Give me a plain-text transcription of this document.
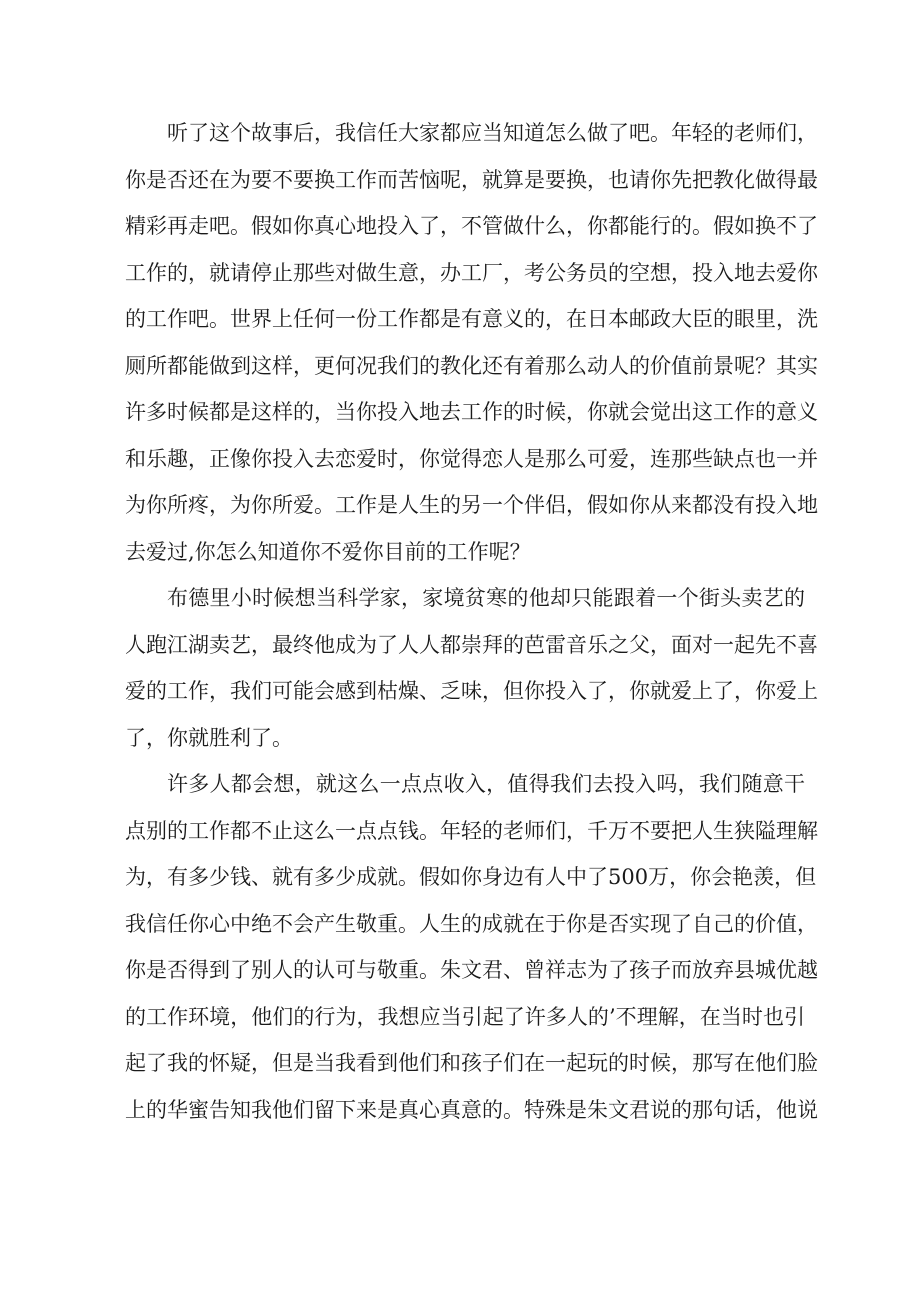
听了这个故事后，我信任大家都应当知道怎么做了吧。年轻的老师们，
你是否还在为要不要换工作而苦恼呢，就算是要换，也请你先把教化做得最
精彩再走吧。假如你真心地投入了，不管做什么，你都能行的。假如换不了
工作的，就请停止那些对做生意，办工厂，考公务员的空想，投入地去爱你
的工作吧。世界上任何一份工作都是有意义的，在日本邮政大臣的眼里，洗
厕所都能做到这样，更何况我们的教化还有着那么动人的价值前景呢？其实
许多时候都是这样的，当你投入地去工作的时候，你就会觉出这工作的意义
和乐趣，正像你投入去恋爱时，你觉得恋人是那么可爱，连那些缺点也一并
为你所疼，为你所爱。工作是人生的另一个伴侣，假如你从来都没有投入地
去爱过,你怎么知道你不爱你目前的工作呢？
布德里小时候想当科学家，家境贫寒的他却只能跟着一个街头卖艺的
人跑江湖卖艺，最终他成为了人人都崇拜的芭雷音乐之父，面对一起先不喜
爱的工作，我们可能会感到枯燥、乏味，但你投入了，你就爱上了，你爱上
了，你就胜利了。
许多人都会想，就这么一点点收入，值得我们去投入吗，我们随意干
点别的工作都不止这么一点点钱。年轻的老师们，千万不要把人生狭隘理解
为，有多少钱、就有多少成就。假如你身边有人中了500万，你会艳羡，但
我信任你心中绝不会产生敬重。人生的成就在于你是否实现了自己的价值，
你是否得到了别人的认可与敬重。朱文君、曾祥志为了孩子而放弃县城优越
的工作环境，他们的行为，我想应当引起了许多人的’不理解，在当时也引
起了我的怀疑，但是当我看到他们和孩子们在一起玩的时候，那写在他们脸
上的华蜜告知我他们留下来是真心真意的。特殊是朱文君说的那句话，他说
